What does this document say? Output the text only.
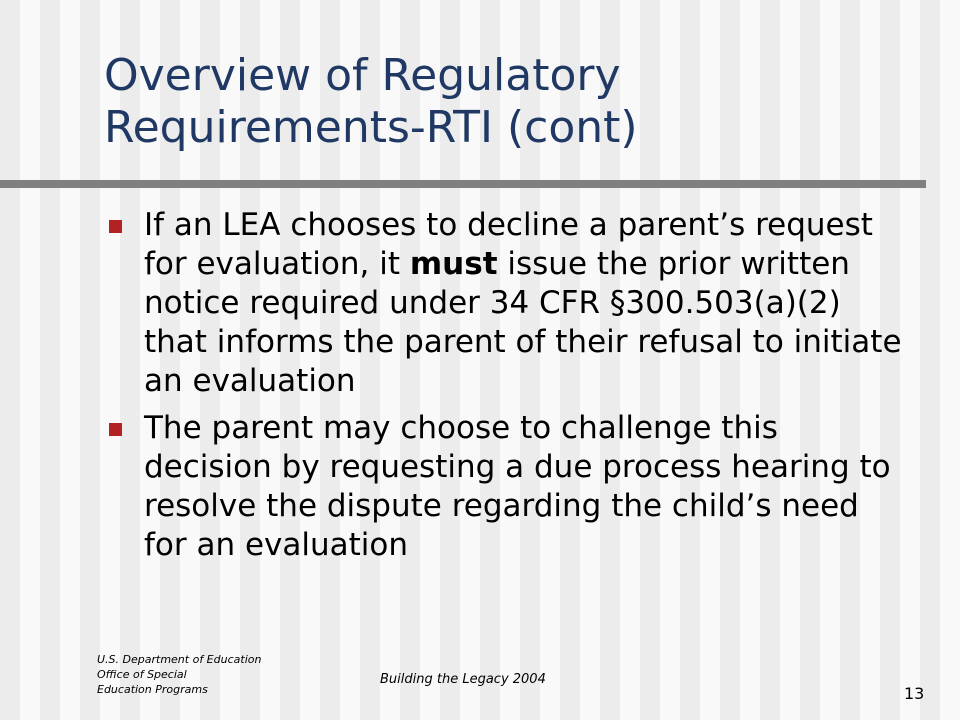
Overview of Regulatory
Requirements-RTI (cont)
If an LEA chooses to decline a parent’s request for evaluation, it must issue the prior written notice required under 34 CFR §300.503(a)(2) that informs the parent of their refusal to initiate an evaluation
The parent may choose to challenge this decision by requesting a due process hearing to resolve the dispute regarding the child’s need for an evaluation
U.S. Department of Education
Office of Special
Education Programs
Building the Legacy 2004
13
